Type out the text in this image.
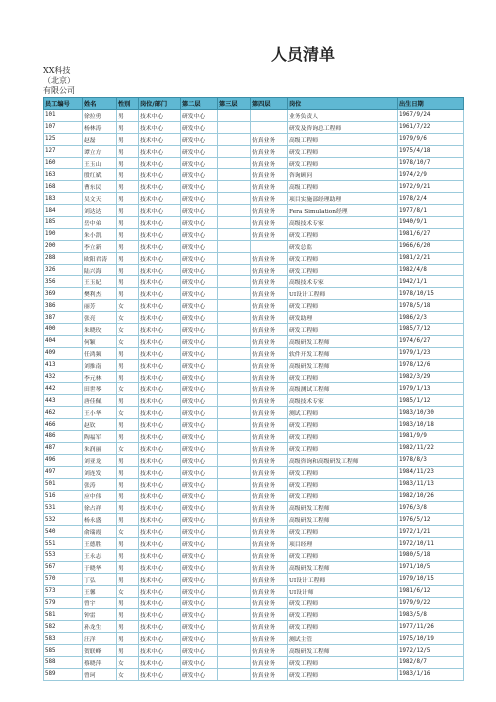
人员清单
XX科技
（北京）
有限公司
员工编号	姓名	性别	岗位/部门	第二层	第三层	第四层	岗位	出生日期
101	徐拉勇	男	技术中心	研发中心			业务负责人	1967/9/24
107	杨林涛	男	技术中心	研发中心			研发及咨询总工程师	1961/7/22
125	赵磊	男	技术中心	研发中心		仿真业务	高级工程师	1979/9/6
127	谭立方	男	技术中心	研发中心		仿真业务	研发工程师	1975/4/18
160	王玉山	男	技术中心	研发中心		仿真业务	研发工程师	1978/10/7
163	殷红斌	男	技术中心	研发中心		仿真业务	咨询顾问	1974/2/9
168	曹东民	男	技术中心	研发中心		仿真业务	高级工程师	1972/9/21
183	吴文天	男	技术中心	研发中心		仿真业务	项目实施部经理助理	1978/2/4
184	刘达达	男	技术中心	研发中心		仿真业务	Fera Simulation经理	1977/8/1
185	岳中弟	男	技术中心	研发中心		仿真业务	高级技术专家	1940/9/1
190	朱小凯	男	技术中心	研发中心		仿真业务	研发工程师	1981/6/27
200	李立新	男	技术中心	研发中心			研发总监	1966/6/20
288	欧阳君涛	男	技术中心	研发中心		仿真业务	研发工程师	1981/2/21
326	陆兴海	男	技术中心	研发中心		仿真业务	研发工程师	1982/4/8
356	王玉紀	男	技术中心	研发中心		仿真业务	高级技术专家	1942/1/1
369	樊利杰	男	技术中心	研发中心		仿真业务	UI设计工程师	1978/10/15
386	丽芳	女	技术中心	研发中心		仿真业务	研发工程师	1978/5/18
387	张亮	女	技术中心	研发中心		仿真业务	研发助理	1986/2/3
400	朱晓玫	女	技术中心	研发中心		仿真业务	研发工程师	1985/7/12
404	何颖	女	技术中心	研发中心		仿真业务	高级研发工程师	1974/6/27
409	任鸿频	男	技术中心	研发中心		仿真业务	软件开发工程师	1979/1/23
413	刘推南	男	技术中心	研发中心		仿真业务	高级研发工程师	1978/12/6
432	李元林	男	技术中心	研发中心		仿真业务	研发工程师	1982/3/29
442	田世琴	女	技术中心	研发中心		仿真业务	高级测试工程师	1979/1/13
443	唐佳佩	男	技术中心	研发中心		仿真业务	高级技术专家	1985/1/12
462	王小华	女	技术中心	研发中心		仿真业务	测试工程师	1983/10/30
466	赵钦	男	技术中心	研发中心		仿真业务	研发工程师	1983/10/18
486	陶福军	男	技术中心	研发中心		仿真业务	研发工程师	1981/9/9
487	朱润丽	女	技术中心	研发中心		仿真业务	研发工程师	1982/11/22
496	刘亚龙	男	技术中心	研发中心		仿真业务	高级咨询和高级研发工程师	1978/8/3
497	刘连发	男	技术中心	研发中心		仿真业务	研发工程师	1984/11/23
501	张涛	男	技术中心	研发中心		仿真业务	研发工程师	1983/11/13
516	应中伟	男	技术中心	研发中心		仿真业务	研发工程师	1982/10/26
531	徐占祥	男	技术中心	研发中心		仿真业务	高级研发工程师	1976/3/8
532	杨永盛	男	技术中心	研发中心		仿真业务	高级研发工程师	1976/5/12
540	俞瑞霞	女	技术中心	研发中心		仿真业务	研发工程师	1972/1/21
551	王德胜	男	技术中心	研发中心		仿真业务	项目经理	1972/10/11
553	王永志	男	技术中心	研发中心		仿真业务	研发工程师	1980/5/18
567	于晓华	男	技术中心	研发中心		仿真业务	高级研发工程师	1971/10/5
570	丁弘	男	技术中心	研发中心		仿真业务	UI设计工程师	1979/10/15
573	王馨	女	技术中心	研发中心		仿真业务	UI设计师	1981/6/12
579	曾宇	男	技术中心	研发中心		仿真业务	研发工程师	1979/9/22
581	钟雷	男	技术中心	研发中心		仿真业务	研发工程师	1983/5/8
582	孙龙生	男	技术中心	研发中心		仿真业务	研发工程师	1977/11/26
583	汪洋	男	技术中心	研发中心		仿真业务	测试主管	1975/10/19
585	贺联峰	男	技术中心	研发中心		仿真业务	高级研发工程师	1972/12/5
588	蔡晓萍	女	技术中心	研发中心		仿真业务	研发工程师	1982/8/7
589	曾珂	女	技术中心	研发中心		仿真业务	研发工程师	1983/1/16
